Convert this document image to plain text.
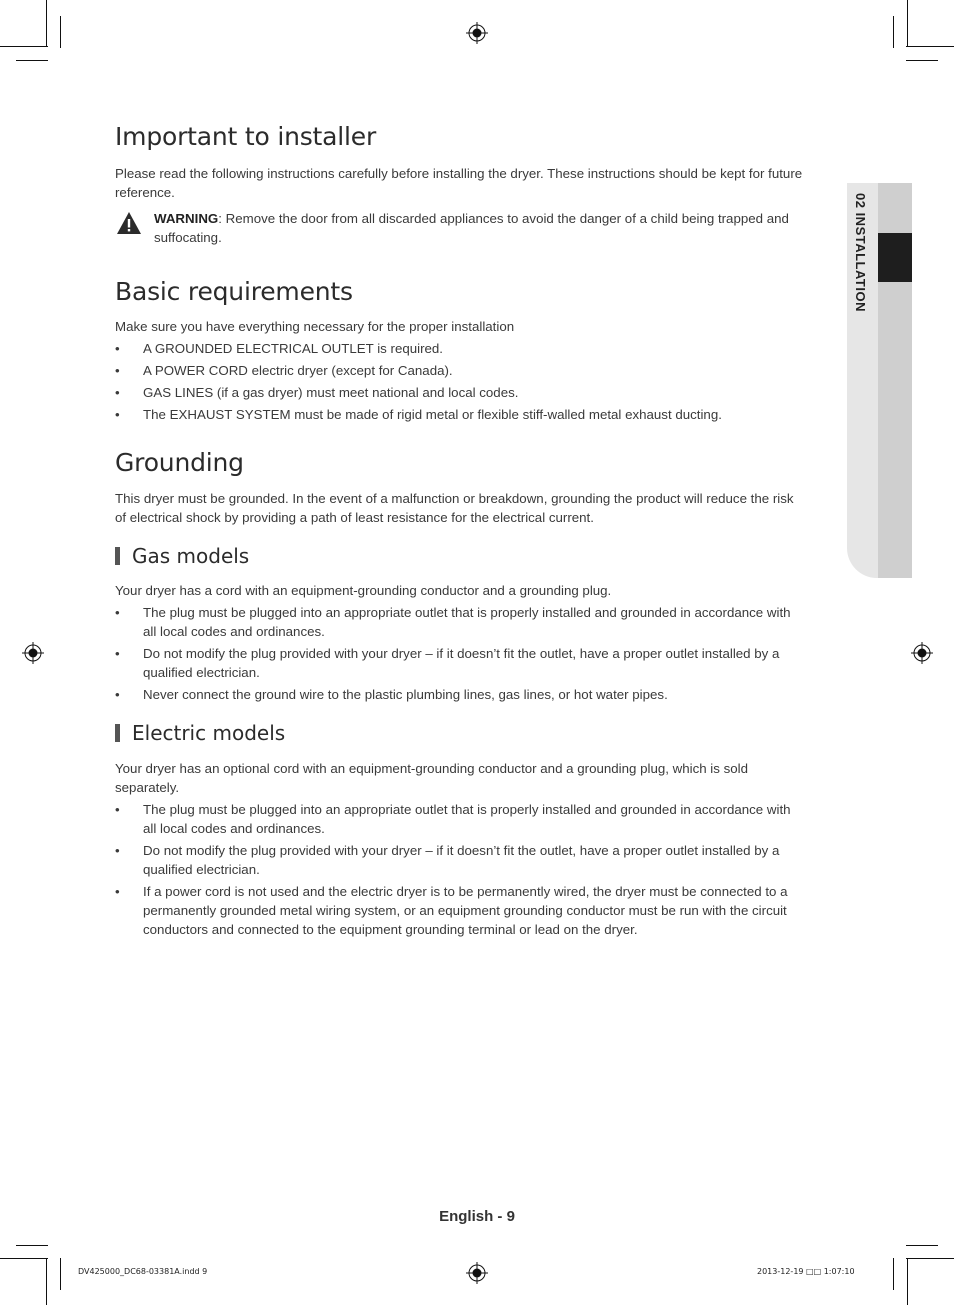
02 INSTALLATION
Important to installer

Please read the following instructions carefully before installing the dryer. These instructions should be kept for future reference.

WARNING: Remove the door from all discarded appliances to avoid the danger of a child being trapped and suffocating.

Basic requirements

Make sure you have everything necessary for the proper installation

• A GROUNDED ELECTRICAL OUTLET is required.
• A POWER CORD electric dryer (except for Canada).
• GAS LINES (if a gas dryer) must meet national and local codes.
• The EXHAUST SYSTEM must be made of rigid metal or flexible stiff-walled metal exhaust ducting.
Grounding

This dryer must be grounded. In the event of a malfunction or breakdown, grounding the product will reduce the risk of electrical shock by providing a path of least resistance for the electrical current.

Gas models

Your dryer has a cord with an equipment-grounding conductor and a grounding plug.

• The plug must be plugged into an appropriate outlet that is properly installed and grounded in accordance with all local codes and ordinances.
• Do not modify the plug provided with your dryer – if it doesn’t fit the outlet, have a proper outlet installed by a qualified electrician.
• Never connect the ground wire to the plastic plumbing lines, gas lines, or hot water pipes.
Electric models

Your dryer has an optional cord with an equipment-grounding conductor and a grounding plug, which is sold separately.

• The plug must be plugged into an appropriate outlet that is properly installed and grounded in accordance with all local codes and ordinances.
• Do not modify the plug provided with your dryer – if it doesn’t fit the outlet, have a proper outlet installed by a qualified electrician.
• If a power cord is not used and the electric dryer is to be permanently wired, the dryer must be connected to a permanently grounded metal wiring system, or an equipment grounding conductor must be run with the circuit conductors and connected to the equipment grounding terminal or lead on the dryer.
English - 9
DV425000_DC68-03381A.indd 9	2013-12-19 □□ 1:07:10
